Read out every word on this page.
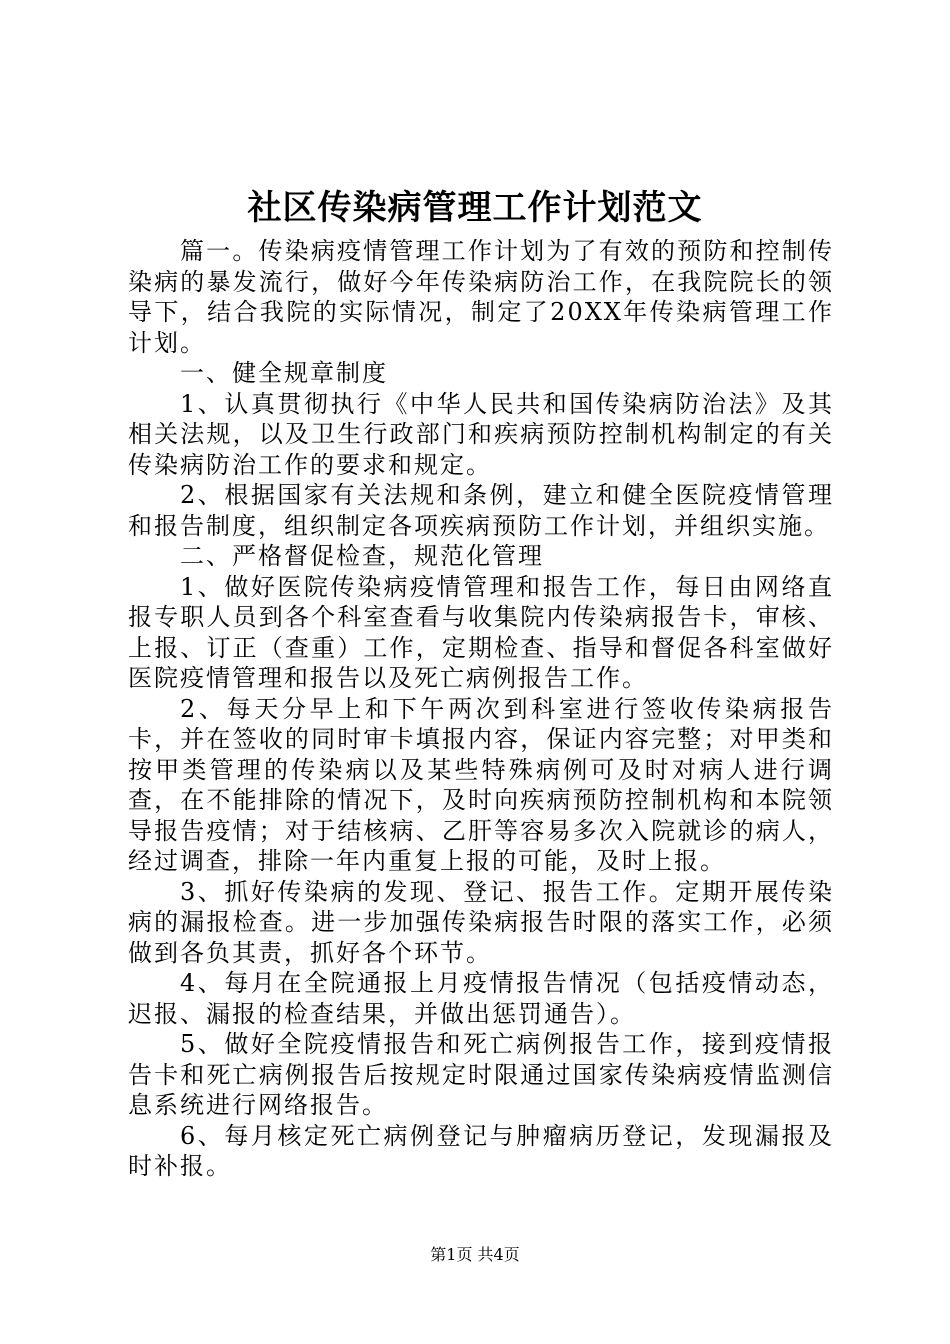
社区传染病管理工作计划范文

篇一。传染病疫情管理工作计划为了有效的预防和控制传染病的暴发流行，做好今年传染病防治工作，在我院院长的领导下，结合我院的实际情况，制定了20XX年传染病管理工作计划。

一、健全规章制度

1、认真贯彻执行《中华人民共和国传染病防治法》及其相关法规，以及卫生行政部门和疾病预防控制机构制定的有关传染病防治工作的要求和规定。

2、根据国家有关法规和条例，建立和健全医院疫情管理和报告制度，组织制定各项疾病预防工作计划，并组织实施。

二、严格督促检查，规范化管理

1、做好医院传染病疫情管理和报告工作，每日由网络直报专职人员到各个科室查看与收集院内传染病报告卡，审核、上报、订正（查重）工作，定期检查、指导和督促各科室做好医院疫情管理和报告以及死亡病例报告工作。

2、每天分早上和下午两次到科室进行签收传染病报告卡，并在签收的同时审卡填报内容，保证内容完整；对甲类和按甲类管理的传染病以及某些特殊病例可及时对病人进行调查，在不能排除的情况下，及时向疾病预防控制机构和本院领导报告疫情；对于结核病、乙肝等容易多次入院就诊的病人，经过调查，排除一年内重复上报的可能，及时上报。

3、抓好传染病的发现、登记、报告工作。定期开展传染病的漏报检查。进一步加强传染病报告时限的落实工作，必须做到各负其责，抓好各个环节。

4、每月在全院通报上月疫情报告情况（包括疫情动态，迟报、漏报的检查结果，并做出惩罚通告）。

5、做好全院疫情报告和死亡病例报告工作，接到疫情报告卡和死亡病例报告后按规定时限通过国家传染病疫情监测信息系统进行网络报告。

6、每月核定死亡病例登记与肿瘤病历登记，发现漏报及时补报。

第1页 共4页
